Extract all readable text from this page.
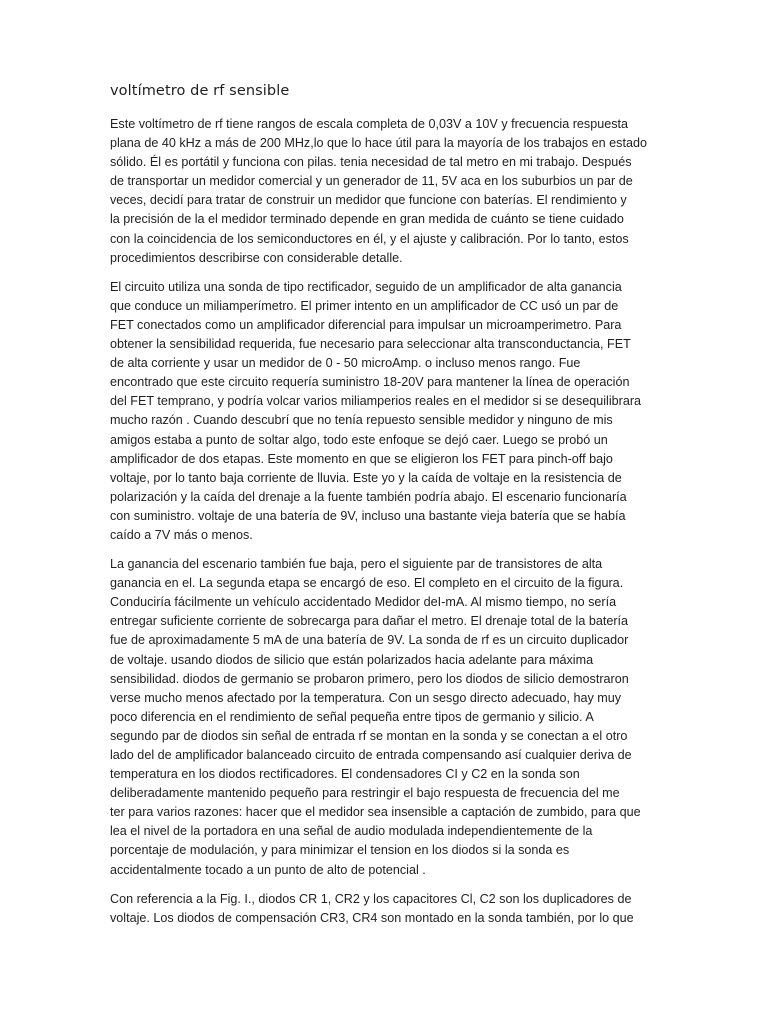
voltímetro de rf sensible

Este voltímetro de rf tiene rangos de escala completa de 0,03V a 10V y frecuencia respuesta
plana de 40 kHz a más de 200 MHz,lo que lo hace útil para la mayoría de los trabajos en estado
sólido. Él es portátil y funciona con pilas. tenia necesidad de tal metro en mi trabajo. Después
de transportar un medidor comercial y un generador de 11, 5V aca en los suburbios un par de
veces, decidí para tratar de construir un medidor que funcione con baterías. El rendimiento y
la precisión de la el medidor terminado depende en gran medida de cuánto se tiene cuidado
con la coincidencia de los semiconductores en él, y el ajuste y calibración. Por lo tanto, estos
procedimientos describirse con considerable detalle.

El circuito utiliza una sonda de tipo rectificador, seguido de un amplificador de alta ganancia
que conduce un miliamperímetro. El primer intento en un amplificador de CC usó un par de
FET conectados como un amplificador diferencial para impulsar un microamperimetro. Para
obtener la sensibilidad requerida, fue necesario para seleccionar alta transconductancia, FET
de alta corriente y usar un medidor de 0 - 50 microAmp. o incluso menos rango. Fue
encontrado que este circuito requería suministro 18-20V para mantener la línea de operación
del FET temprano, y podría volcar varios miliamperios reales en el medidor si se desequilibrara
mucho razón . Cuando descubrí que no tenía repuesto sensible medidor y ninguno de mis
amigos estaba a punto de soltar algo, todo este enfoque se dejó caer. Luego se probó un
amplificador de dos etapas. Este momento en que se eligieron los FET para pinch-off bajo
voltaje, por lo tanto baja corriente de lluvia. Este yo y la caída de voltaje en la resistencia de
polarización y la caída del drenaje a la fuente también podría abajo. El escenario funcionaría
con suministro. voltaje de una batería de 9V, incluso una bastante vieja batería que se había
caído a 7V más o menos.

La ganancia del escenario también fue baja, pero el siguiente par de transistores de alta
ganancia en el. La segunda etapa se encargó de eso. El completo en el circuito de la figura.
Conduciría fácilmente un vehículo accidentado Medidor deI-mA. Al mismo tiempo, no sería
entregar suficiente corriente de sobrecarga para dañar el metro. El drenaje total de la batería
fue de aproximadamente 5 mA de una batería de 9V. La sonda de rf es un circuito duplicador
de voltaje. usando diodos de silicio que están polarizados hacia adelante para máxima
sensibilidad. diodos de germanio se probaron primero, pero los diodos de silicio demostraron
verse mucho menos afectado por la temperatura. Con un sesgo directo adecuado, hay muy
poco diferencia en el rendimiento de señal pequeña entre tipos de germanio y silicio. A
segundo par de diodos sin señal de entrada rf se montan en la sonda y se conectan a el otro
lado del de amplificador balanceado circuito de entrada compensando así cualquier deriva de
temperatura en los diodos rectificadores. El condensadores CI y C2 en la sonda son
deliberadamente mantenido pequeño para restringir el bajo respuesta de frecuencia del me
ter para varios razones: hacer que el medidor sea insensible a captación de zumbido, para que
lea el nivel de la portadora en una señal de audio modulada independientemente de la
porcentaje de modulación, y para minimizar el tension en los diodos si la sonda es
accidentalmente tocado a un punto de alto de potencial .

Con referencia a la Fig. I., diodos CR 1, CR2 y los capacitores Cl, C2 son los duplicadores de
voltaje. Los diodos de compensación CR3, CR4 son montado en la sonda también, por lo que
